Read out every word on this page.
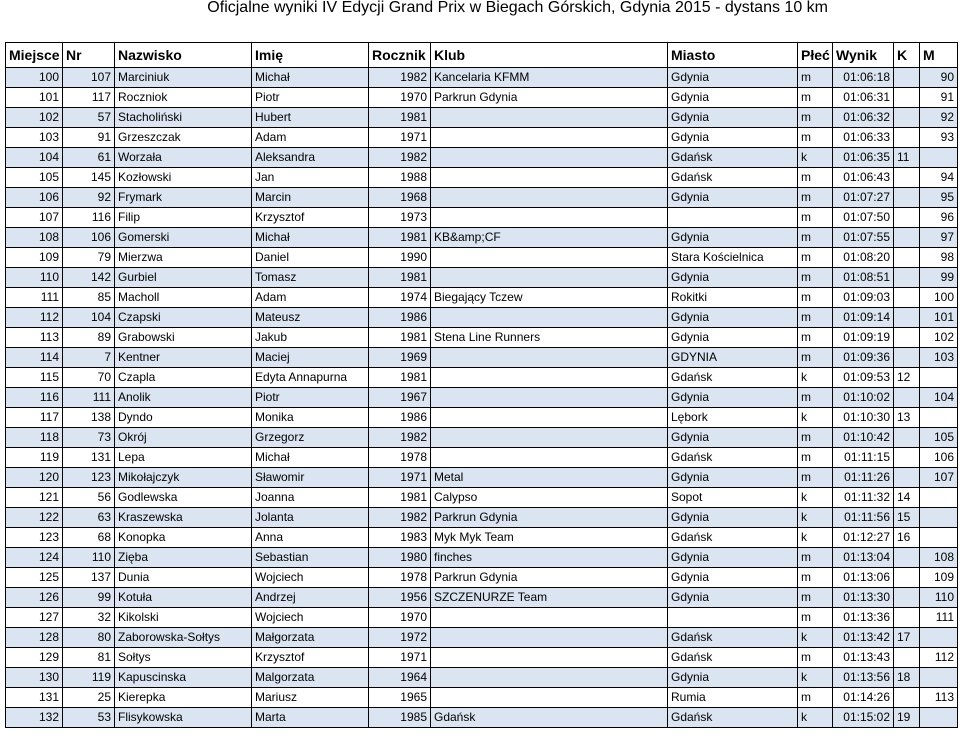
Oficjalne wyniki IV Edycji Grand Prix w Biegach Górskich, Gdynia 2015 - dystans 10 km
Miejsce	Nr	Nazwisko	Imię	Rocznik	Klub	Miasto	Płeć	Wynik	K	M
100	107	Marciniuk	Michał	1982	Kancelaria KFMM	Gdynia	m	01:06:18		90
101	117	Roczniok	Piotr	1970	Parkrun Gdynia	Gdynia	m	01:06:31		91
102	57	Stacholiński	Hubert	1981		Gdynia	m	01:06:32		92
103	91	Grzeszczak	Adam	1971		Gdynia	m	01:06:33		93
104	61	Worzała	Aleksandra	1982		Gdańsk	k	01:06:35	11	
105	145	Kozłowski	Jan	1988		Gdańsk	m	01:06:43		94
106	92	Frymark	Marcin	1968		Gdynia	m	01:07:27		95
107	116	Filip	Krzysztof	1973			m	01:07:50		96
108	106	Gomerski	Michał	1981	KB&amp;CF	Gdynia	m	01:07:55		97
109	79	Mierzwa	Daniel	1990		Stara Kościelnica	m	01:08:20		98
110	142	Gurbiel	Tomasz	1981		Gdynia	m	01:08:51		99
111	85	Macholl	Adam	1974	Biegający Tczew	Rokitki	m	01:09:03		100
112	104	Czapski	Mateusz	1986		Gdynia	m	01:09:14		101
113	89	Grabowski	Jakub	1981	Stena Line Runners	Gdynia	m	01:09:19		102
114	7	Kentner	Maciej	1969		GDYNIA	m	01:09:36		103
115	70	Czapla	Edyta Annapurna	1981		Gdańsk	k	01:09:53	12	
116	111	Anolik	Piotr	1967		Gdynia	m	01:10:02		104
117	138	Dyndo	Monika	1986		Lębork	k	01:10:30	13	
118	73	Okrój	Grzegorz	1982		Gdynia	m	01:10:42		105
119	131	Lepa	Michał	1978		Gdańsk	m	01:11:15		106
120	123	Mikołajczyk	Sławomir	1971	Metal	Gdynia	m	01:11:26		107
121	56	Godlewska	Joanna	1981	Calypso	Sopot	k	01:11:32	14	
122	63	Kraszewska	Jolanta	1982	Parkrun Gdynia	Gdynia	k	01:11:56	15	
123	68	Konopka	Anna	1983	Myk Myk Team	Gdańsk	k	01:12:27	16	
124	110	Zięba	Sebastian	1980	finches	Gdynia	m	01:13:04		108
125	137	Dunia	Wojciech	1978	Parkrun Gdynia	Gdynia	m	01:13:06		109
126	99	Kotuła	Andrzej	1956	SZCZENURZE Team	Gdynia	m	01:13:30		110
127	32	Kikolski	Wojciech	1970			m	01:13:36		111
128	80	Zaborowska-Sołtys	Małgorzata	1972		Gdańsk	k	01:13:42	17	
129	81	Sołtys	Krzysztof	1971		Gdańsk	m	01:13:43		112
130	119	Kapuscinska	Malgorzata	1964		Gdynia	k	01:13:56	18	
131	25	Kierepka	Mariusz	1965		Rumia	m	01:14:26		113
132	53	Flisykowska	Marta	1985	Gdańsk	Gdańsk	k	01:15:02	19	
